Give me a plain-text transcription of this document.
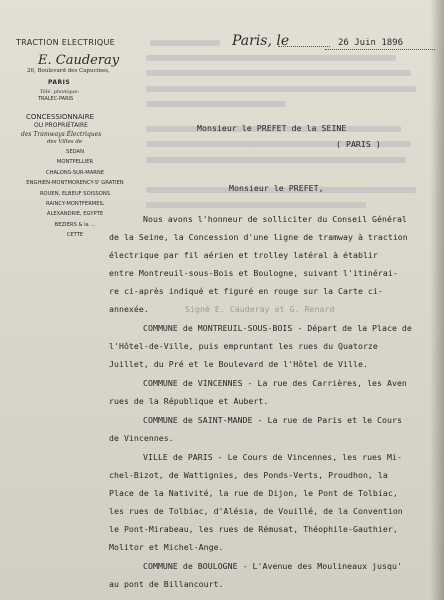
TRACTION ELECTRIQUE
E. Cauderay
26, Boulevard des Capucines,
PARIS
Télé. phonique:
TRALEC-PARIS
CONCESSIONNAIRE
OU PROPRIÉTAIRE
des Tramways Électriques
des Villes de
SEDAN
MONTPELLIER
CHALONS-SUR-MARNE
ENGHIEN-MONTMORENCY-Sᵗ GRATIEN
ROUEN, ELBEUF SOISSONS
RAINCY-MONTFERMEIL
ALEXANDRIE, EGYPTE
BEZIERS & la ...
CETTE
Paris, le	26 Juin 1896
Monsieur le PREFET de la SEINE
( PARIS )
Monsieur le PREFET,
Nous avons l'honneur de solliciter du Conseil Général
de la Seine, la Concession d'une ligne de tramway à traction
électrique par fil aérien et trolley latéral à établir
entre Montreuil-sous-Bois et Boulogne, suivant l'itinérai-
re ci-après indiqué et figuré en rouge sur la Carte ci-
annexée.	Signé E. Cauderay et G. Renard
COMMUNE de MONTREUIL-SOUS-BOIS - Départ de la Place de
l'Hôtel-de-Ville, puis empruntant les rues du Quatorze
Juillet, du Pré et le Boulevard de l'Hôtel de Ville.
COMMUNE de VINCENNES - La rue des Carrières, les Aven
rues de la République et Aubert.
COMMUNE de SAINT-MANDE - La rue de Paris et le Cours
de Vincennes.
VILLE de PARIS - Le Cours de Vincennes, les rues Mi-
chel-Bizot, de Wattignies, des Ponds-Verts, Proudhon, la
Place de la Nativité, la rue de Dijon, le Pont de Tolbiac,
les rues de Tolbiac, d'Alésia, de Vouillé, de la Convention
le Pont-Mirabeau, les rues de Rémusat, Théophile-Gauthier,
Molitor et Michel-Ange.
COMMUNE de BOULOGNE - L'Avenue des Moulineaux jusqu'
au pont de Billancourt.
